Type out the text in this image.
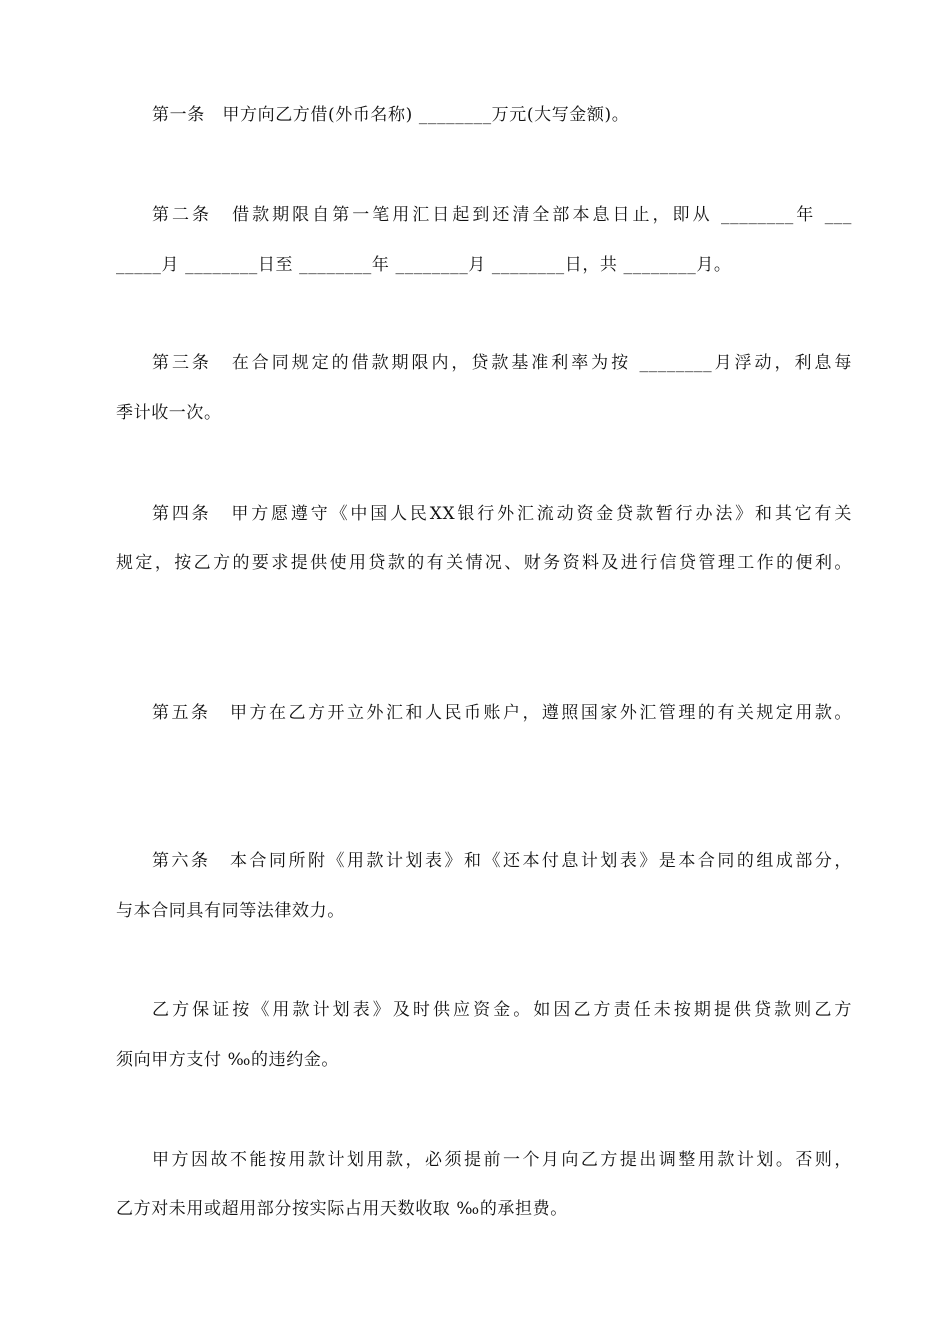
第一条　甲方向乙方借(外币名称) ________万元(大写金额)。
第二条　借款期限自第一笔用汇日起到还清全部本息日止，即从 ________年 ___
_____月 ________日至 ________年 ________月 ________日，共 ________月。
第三条　在合同规定的借款期限内，贷款基准利率为按 ________月浮动，利息每
季计收一次。
第四条　甲方愿遵守《中国人民XX银行外汇流动资金贷款暂行办法》和其它有关
规定，按乙方的要求提供使用贷款的有关情况、财务资料及进行信贷管理工作的便利。
第五条　甲方在乙方开立外汇和人民币账户，遵照国家外汇管理的有关规定用款。
第六条　本合同所附《用款计划表》和《还本付息计划表》是本合同的组成部分，
与本合同具有同等法律效力。
乙方保证按《用款计划表》及时供应资金。如因乙方责任未按期提供贷款则乙方
须向甲方支付 ‰的违约金。
甲方因故不能按用款计划用款，必须提前一个月向乙方提出调整用款计划。否则，
乙方对未用或超用部分按实际占用天数收取 ‰的承担费。
